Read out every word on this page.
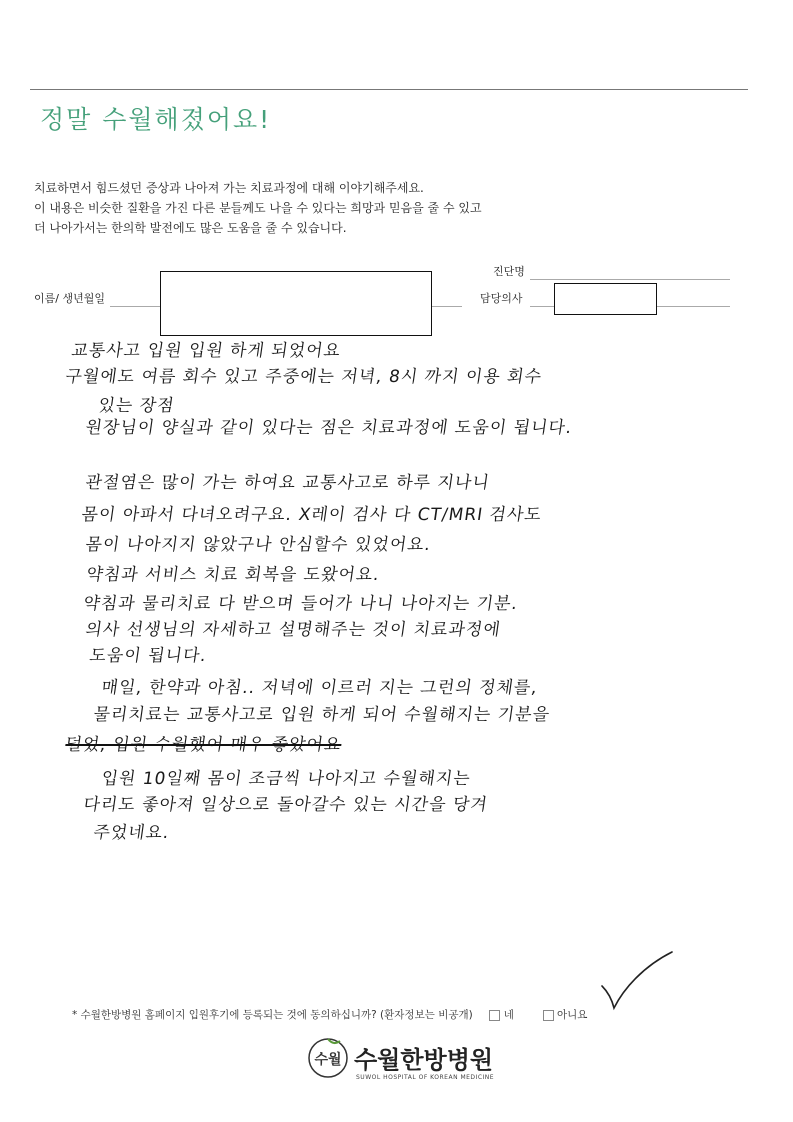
정말 수월해졌어요!
치료하면서 힘드셨던 증상과 나아져 가는 치료과정에 대해 이야기해주세요.
이 내용은 비슷한 질환을 가진 다른 분들께도 나을 수 있다는 희망과 믿음을 줄 수 있고
더 나아가서는 한의학 발전에도 많은 도움을 줄 수 있습니다.
이름/ 생년월일
진단명
담당의사
교통사고 입원 입원 하게 되었어요
구월에도 여름 회수 있고 주중에는 저녁, 8시 까지 이용 회수
있는 장점
원장님이 양실과 같이 있다는 점은 치료과정에 도움이 됩니다.
관절염은 많이 가는 하여요 교통사고로 하루 지나니
몸이 아파서 다녀오려구요. X레이 검사 다 CT/MRI 검사도
몸이 나아지지 않았구나 안심할수 있었어요.
약침과 서비스 치료 회복을 도왔어요.
약침과 물리치료 다 받으며 들어가 나니 나아지는 기분.
의사 선생님의 자세하고 설명해주는 것이 치료과정에
도움이 됩니다.
매일, 한약과 아침.. 저녁에 이르러 지는 그런의 정체를,
물리치료는 교통사고로 입원 하게 되어 수월해지는 기분을
덜었, 입원 수월했어 매우 좋았어요
입원 10일째 몸이 조금씩 나아지고 수월해지는
다리도 좋아져 일상으로 돌아갈수 있는 시간을 당겨
주었네요.
* 수월한방병원 홈페이지 입원후기에 등록되는 것에 동의하십니까? (환자정보는 비공개)	네	아니요
수월 수월한방병원
SUWOL HOSPITAL OF KOREAN MEDICINE
